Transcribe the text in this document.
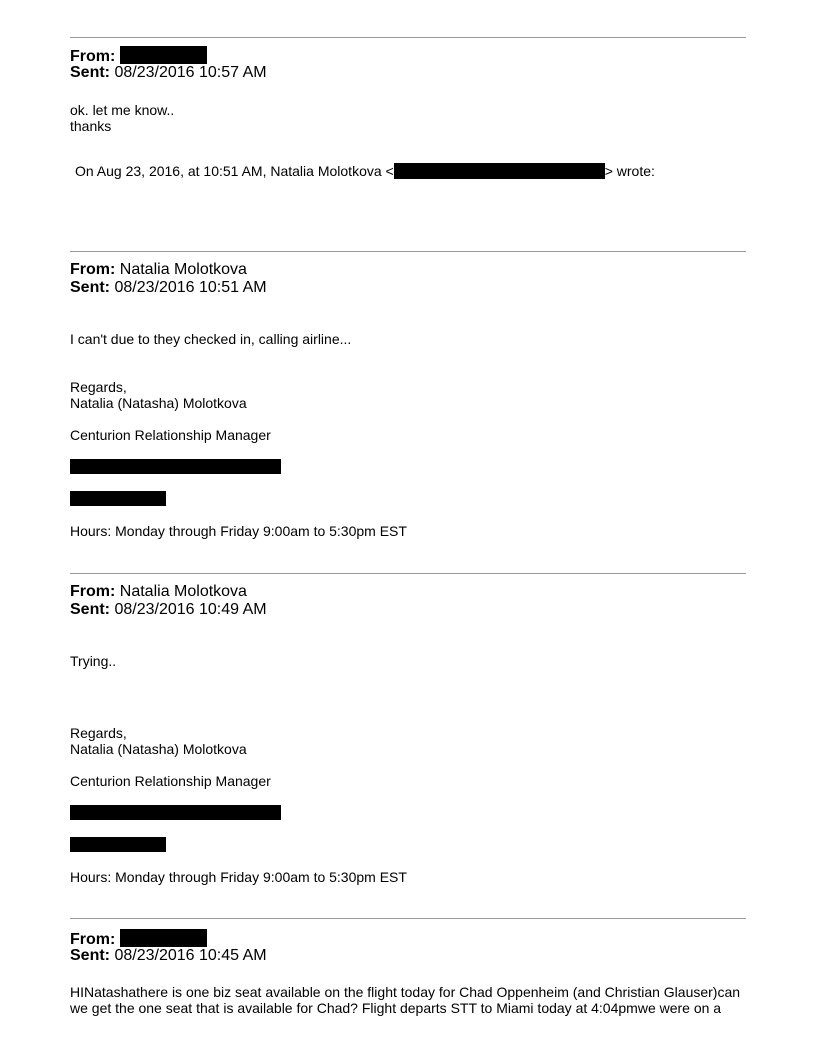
From:
Sent: 08/23/2016 10:57 AM
ok. let me know..
thanks
On Aug 23, 2016, at 10:51 AM, Natalia Molotkova <	> wrote:
From: Natalia Molotkova
Sent: 08/23/2016 10:51 AM
I can't due to they checked in, calling airline...
Regards,
Natalia (Natasha) Molotkova
Centurion Relationship Manager
Hours: Monday through Friday 9:00am to 5:30pm EST
From: Natalia Molotkova
Sent: 08/23/2016 10:49 AM
Trying..
Regards,
Natalia (Natasha) Molotkova
Centurion Relationship Manager
Hours: Monday through Friday 9:00am to 5:30pm EST
From:
Sent: 08/23/2016 10:45 AM
HINatashathere is one biz seat available on the flight today for Chad Oppenheim (and Christian Glauser)can
we get the one seat that is available for Chad? Flight departs STT to Miami today at 4:04pmwe were on a
